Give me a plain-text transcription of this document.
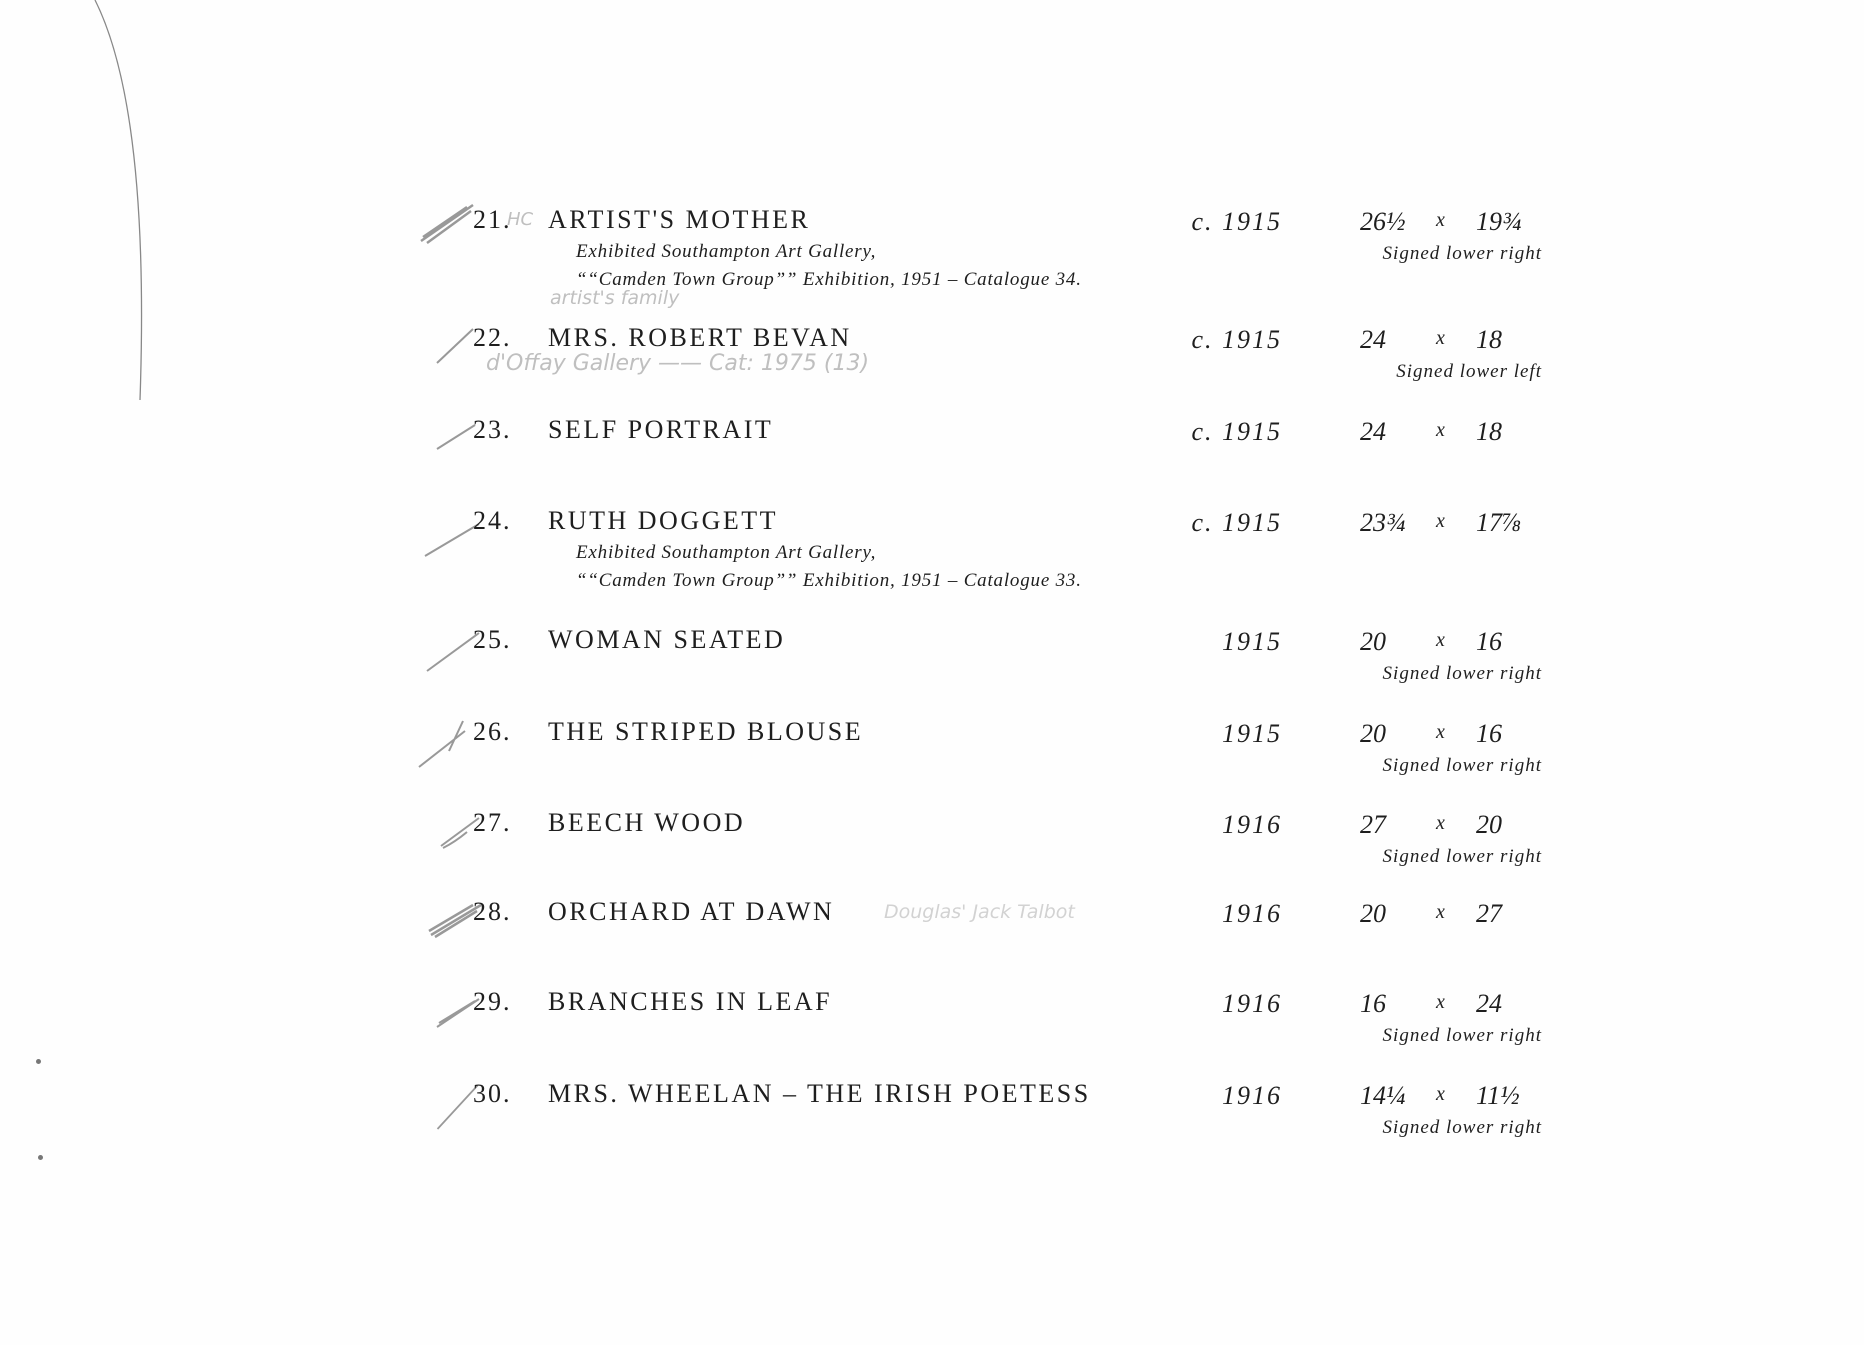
21.
HC ARTIST'S MOTHER	c. 1915	26½ x 19¾
Signed lower right
Exhibited Southampton Art Gallery,
““Camden Town Group”” Exhibition, 1951 – Catalogue 34.
artist's family
22. MRS. ROBERT BEVAN	c. 1915	24	x 18
Signed lower left
d'Offay Gallery —— Cat: 1975 (13)
23. SELF PORTRAIT	c. 1915	24	x 18
24. RUTH DOGGETT	c. 1915	23¾ x 17⅞
Exhibited Southampton Art Gallery,
““Camden Town Group”” Exhibition, 1951 – Catalogue 33.
25. WOMAN SEATED	1915	20	x 16
Signed lower right
26. THE STRIPED BLOUSE	1915	20	x 16
Signed lower right
27. BEECH WOOD	1916	27	x 20
Signed lower right
28. ORCHARD AT DAWN	Douglas' Jack Talbot	1916	20	x 27
29. BRANCHES IN LEAF	1916	16	x 24
Signed lower right
30. MRS. WHEELAN – THE IRISH POETESS	1916	14¼ x 11½
Signed lower right
